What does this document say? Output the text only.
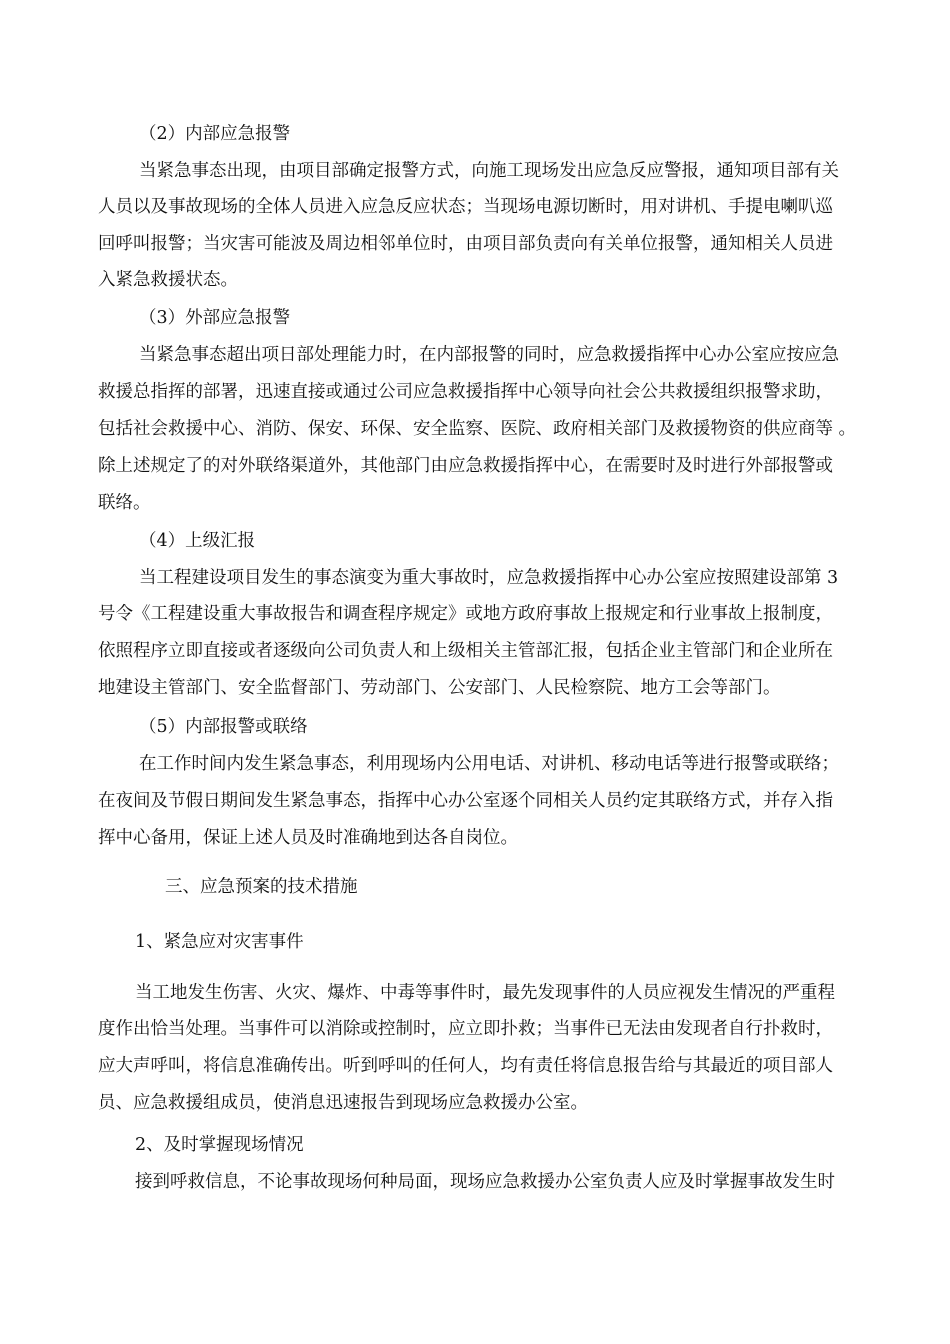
（2）内部应急报警
当紧急事态出现，由项目部确定报警方式，向施工现场发出应急反应警报，通知项目部有关
人员以及事故现场的全体人员进入应急反应状态；当现场电源切断时，用对讲机、手提电喇叭巡
回呼叫报警；当灾害可能波及周边相邻单位时，由项目部负责向有关单位报警，通知相关人员进
入紧急救援状态。
（3）外部应急报警
当紧急事态超出项日部处理能力时，在内部报警的同时，应急救援指挥中心办公室应按应急
救援总指挥的部署，迅速直接或通过公司应急救援指挥中心领导向社会公共救援组织报警求助，
包括社会救援中心、消防、保安、环保、安全监察、医院、政府相关部门及救援物资的供应商等 。
除上述规定了的对外联络渠道外，其他部门由应急救援指挥中心，在需要时及时进行外部报警或
联络。
（4）上级汇报
当工程建设项目发生的事态演变为重大事故时，应急救援指挥中心办公室应按照建设部第 3
号令《工程建设重大事故报告和调查程序规定》或地方政府事故上报规定和行业事故上报制度，
依照程序立即直接或者逐级向公司负责人和上级相关主管部汇报，包括企业主管部门和企业所在
地建设主管部门、安全监督部门、劳动部门、公安部门、人民检察院、地方工会等部门。
（5）内部报警或联络
在工作时间内发生紧急事态，利用现场内公用电话、对讲机、移动电话等进行报警或联络；
在夜间及节假日期间发生紧急事态，指挥中心办公室逐个同相关人员约定其联络方式，并存入指
挥中心备用，保证上述人员及时准确地到达各自岗位。
三、应急预案的技术措施
1、紧急应对灾害事件
当工地发生伤害、火灾、爆炸、中毒等事件时，最先发现事件的人员应视发生情况的严重程
度作出恰当处理。当事件可以消除或控制时，应立即扑救；当事件已无法由发现者自行扑救时，
应大声呼叫，将信息准确传出。听到呼叫的任何人，均有责任将信息报告给与其最近的项目部人
员、应急救援组成员，使消息迅速报告到现场应急救援办公室。
2、及时掌握现场情况
接到呼救信息，不论事故现场何种局面，现场应急救援办公室负责人应及时掌握事故发生时
